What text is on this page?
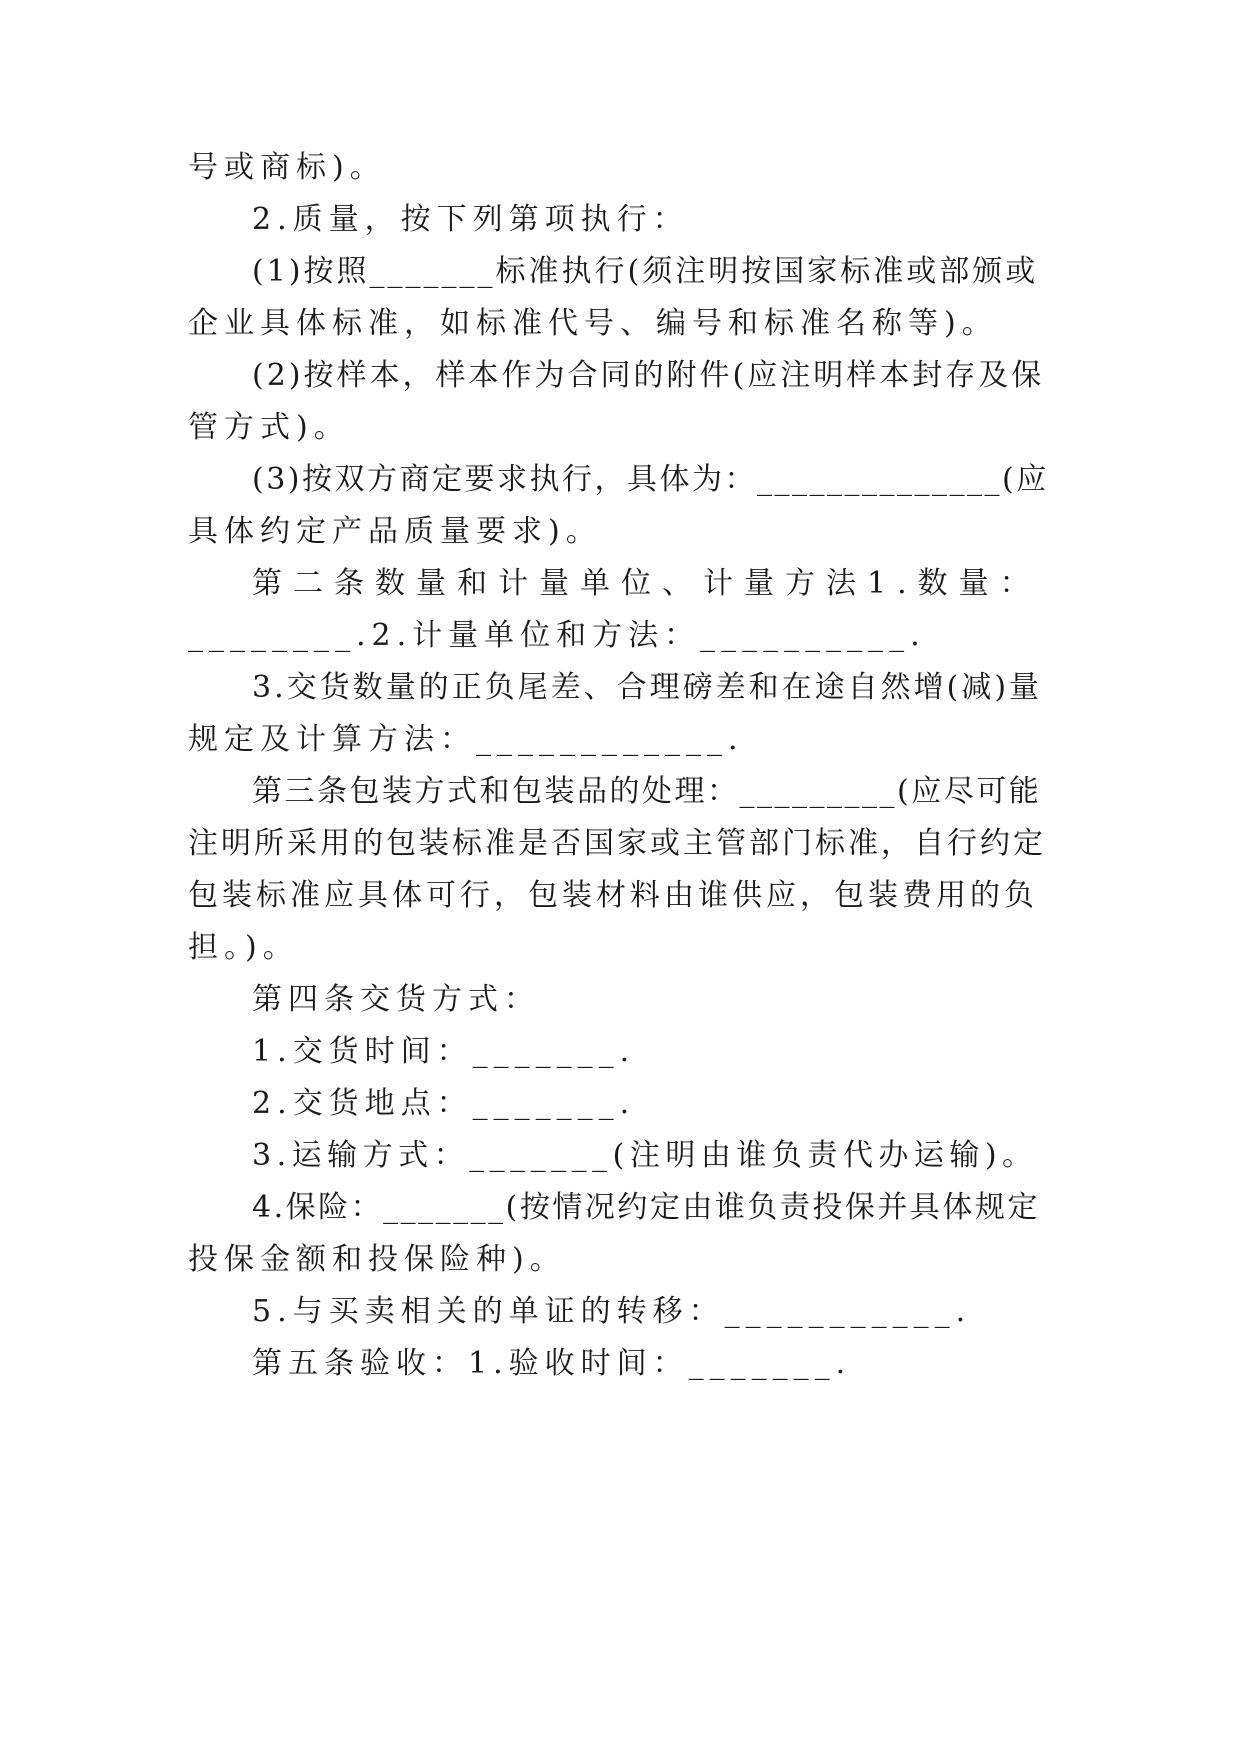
号或商标)。
2.质量，按下列第项执行：
(1)按照_______标准执行(须注明按国家标准或部颁或
企业具体标准，如标准代号、编号和标准名称等)。
(2)按样本，样本作为合同的附件(应注明样本封存及保
管方式)。
(3)按双方商定要求执行，具体为：______________(应
具体约定产品质量要求)。
第二条数量和计量单位、计量方法1.数量：
________.2.计量单位和方法：__________.
3.交货数量的正负尾差、合理磅差和在途自然增(减)量
规定及计算方法：____________.
第三条包装方式和包装品的处理：_________(应尽可能
注明所采用的包装标准是否国家或主管部门标准，自行约定
包装标准应具体可行，包装材料由谁供应，包装费用的负
担。)。
第四条交货方式：
1.交货时间：_______.
2.交货地点：_______.
3.运输方式：_______(注明由谁负责代办运输)。
4.保险：_______(按情况约定由谁负责投保并具体规定
投保金额和投保险种)。
5.与买卖相关的单证的转移：___________.
第五条验收：1.验收时间：_______.
